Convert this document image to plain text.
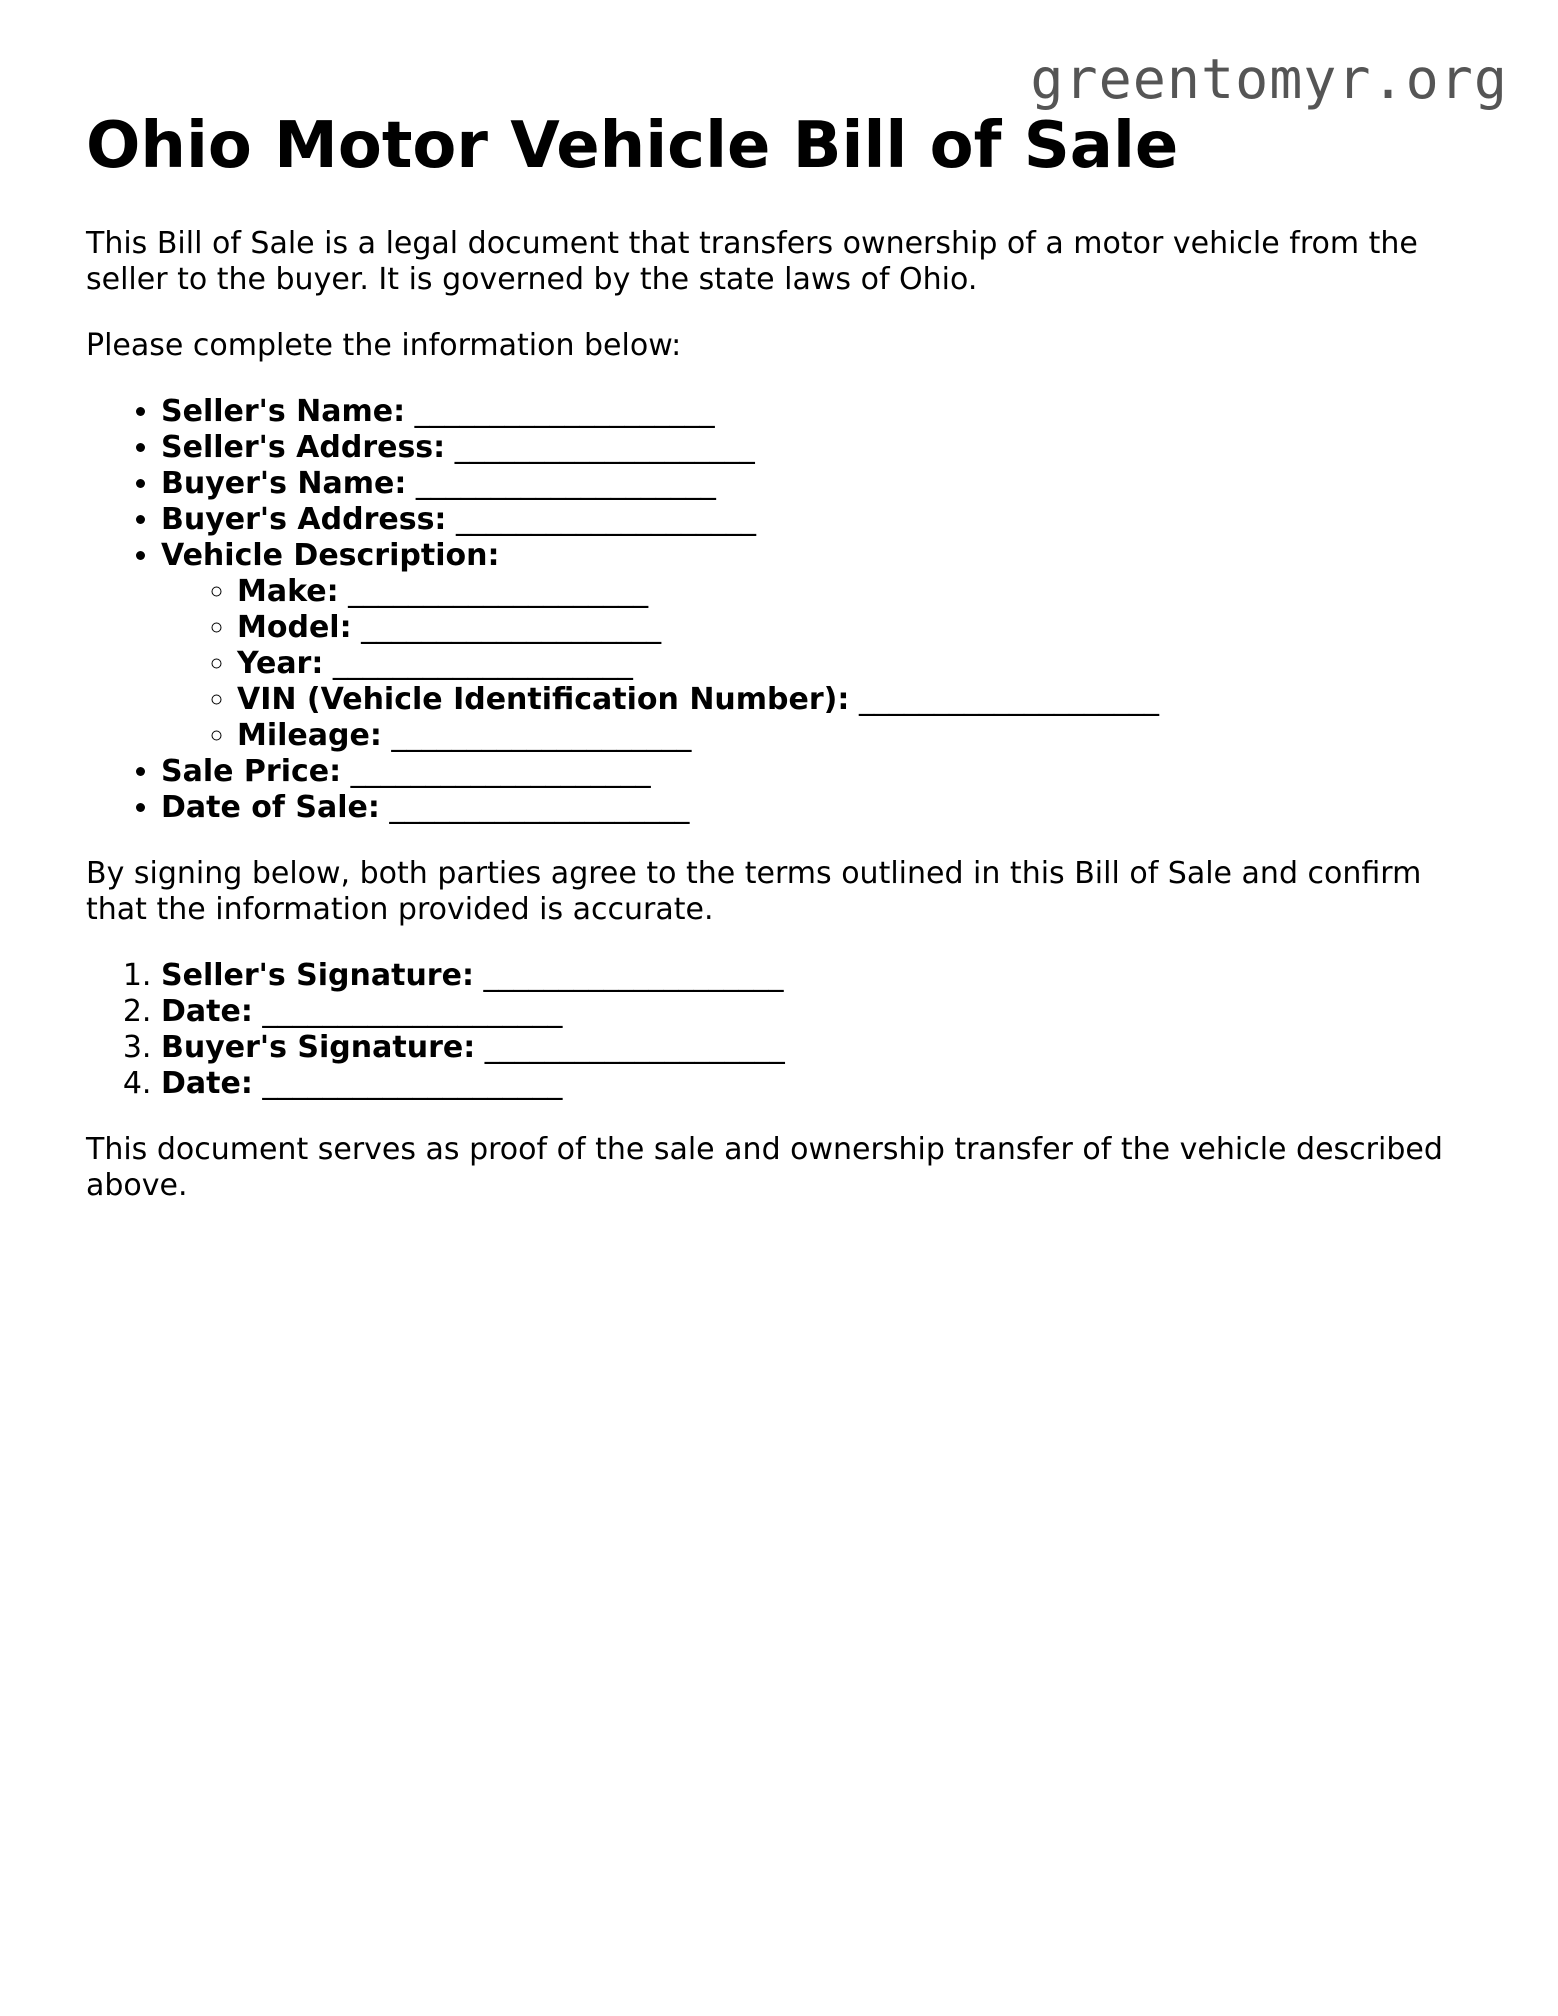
greentomyr.org
Ohio Motor Vehicle Bill of Sale

This Bill of Sale is a legal document that transfers ownership of a motor vehicle from the seller to the buyer. It is governed by the state laws of Ohio.

Please complete the information below:

• Seller's Name: ____________________
• Seller's Address: ____________________
• Buyer's Name: ____________________
• Buyer's Address: ____________________
• Vehicle Description:
◦ Make: ____________________
◦ Model: ____________________
◦ Year: ____________________
◦ VIN (Vehicle Identification Number): ____________________
◦ Mileage: ____________________
• Sale Price: ____________________
• Date of Sale: ____________________

By signing below, both parties agree to the terms outlined in this Bill of Sale and confirm that the information provided is accurate.

1. Seller's Signature: ____________________
2. Date: ____________________
3. Buyer's Signature: ____________________
4. Date: ____________________

This document serves as proof of the sale and ownership transfer of the vehicle described above.
